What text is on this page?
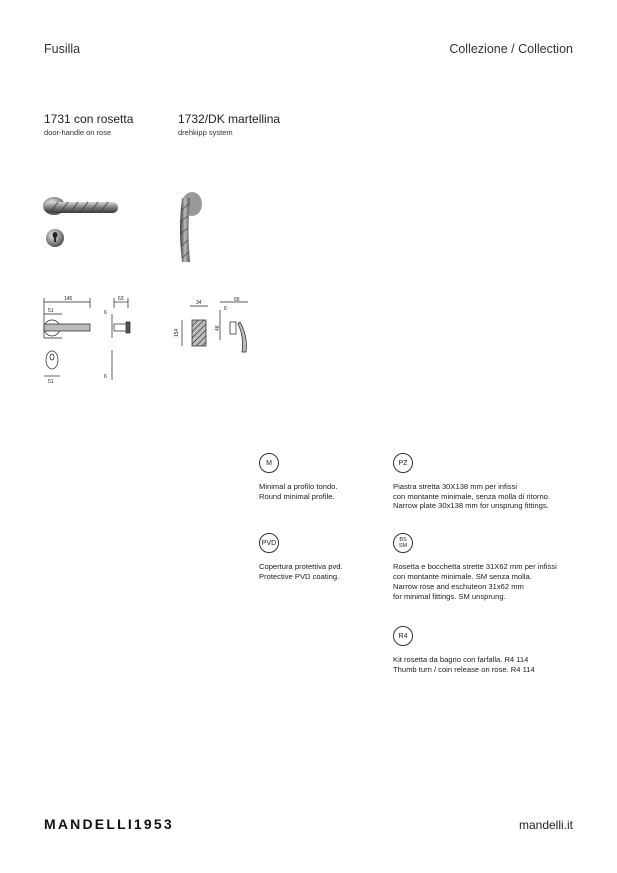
Fusilla	Collezione / Collection
1731 con rosetta
door-handle on rose
1732/DK martellina
drehkipp system
145
51
63
6
51
6
34	65
6
154
48
M
Minimal a profilo tondo.
Round minimal profile.
PVD
Copertura protettiva pvd.
Protective PVD coating.
PZ
Piastra stretta 30X138 mm per infissi
con montante minimale, senza molla di ritorno.
Narrow plate 30x138 mm for unsprung fittings.
BS
SM
Rosetta e bocchetta strette 31X62 mm per infissi
con montante minimale. SM senza molla.
Narrow rose and eschuteon 31x62 mm
for minimal fittings. SM unsprung.
R4
Kit rosetta da bagno con farfalla. R4 114
Thumb turn / coin release on rose. R4 114
MANDELLI1953	mandelli.it
